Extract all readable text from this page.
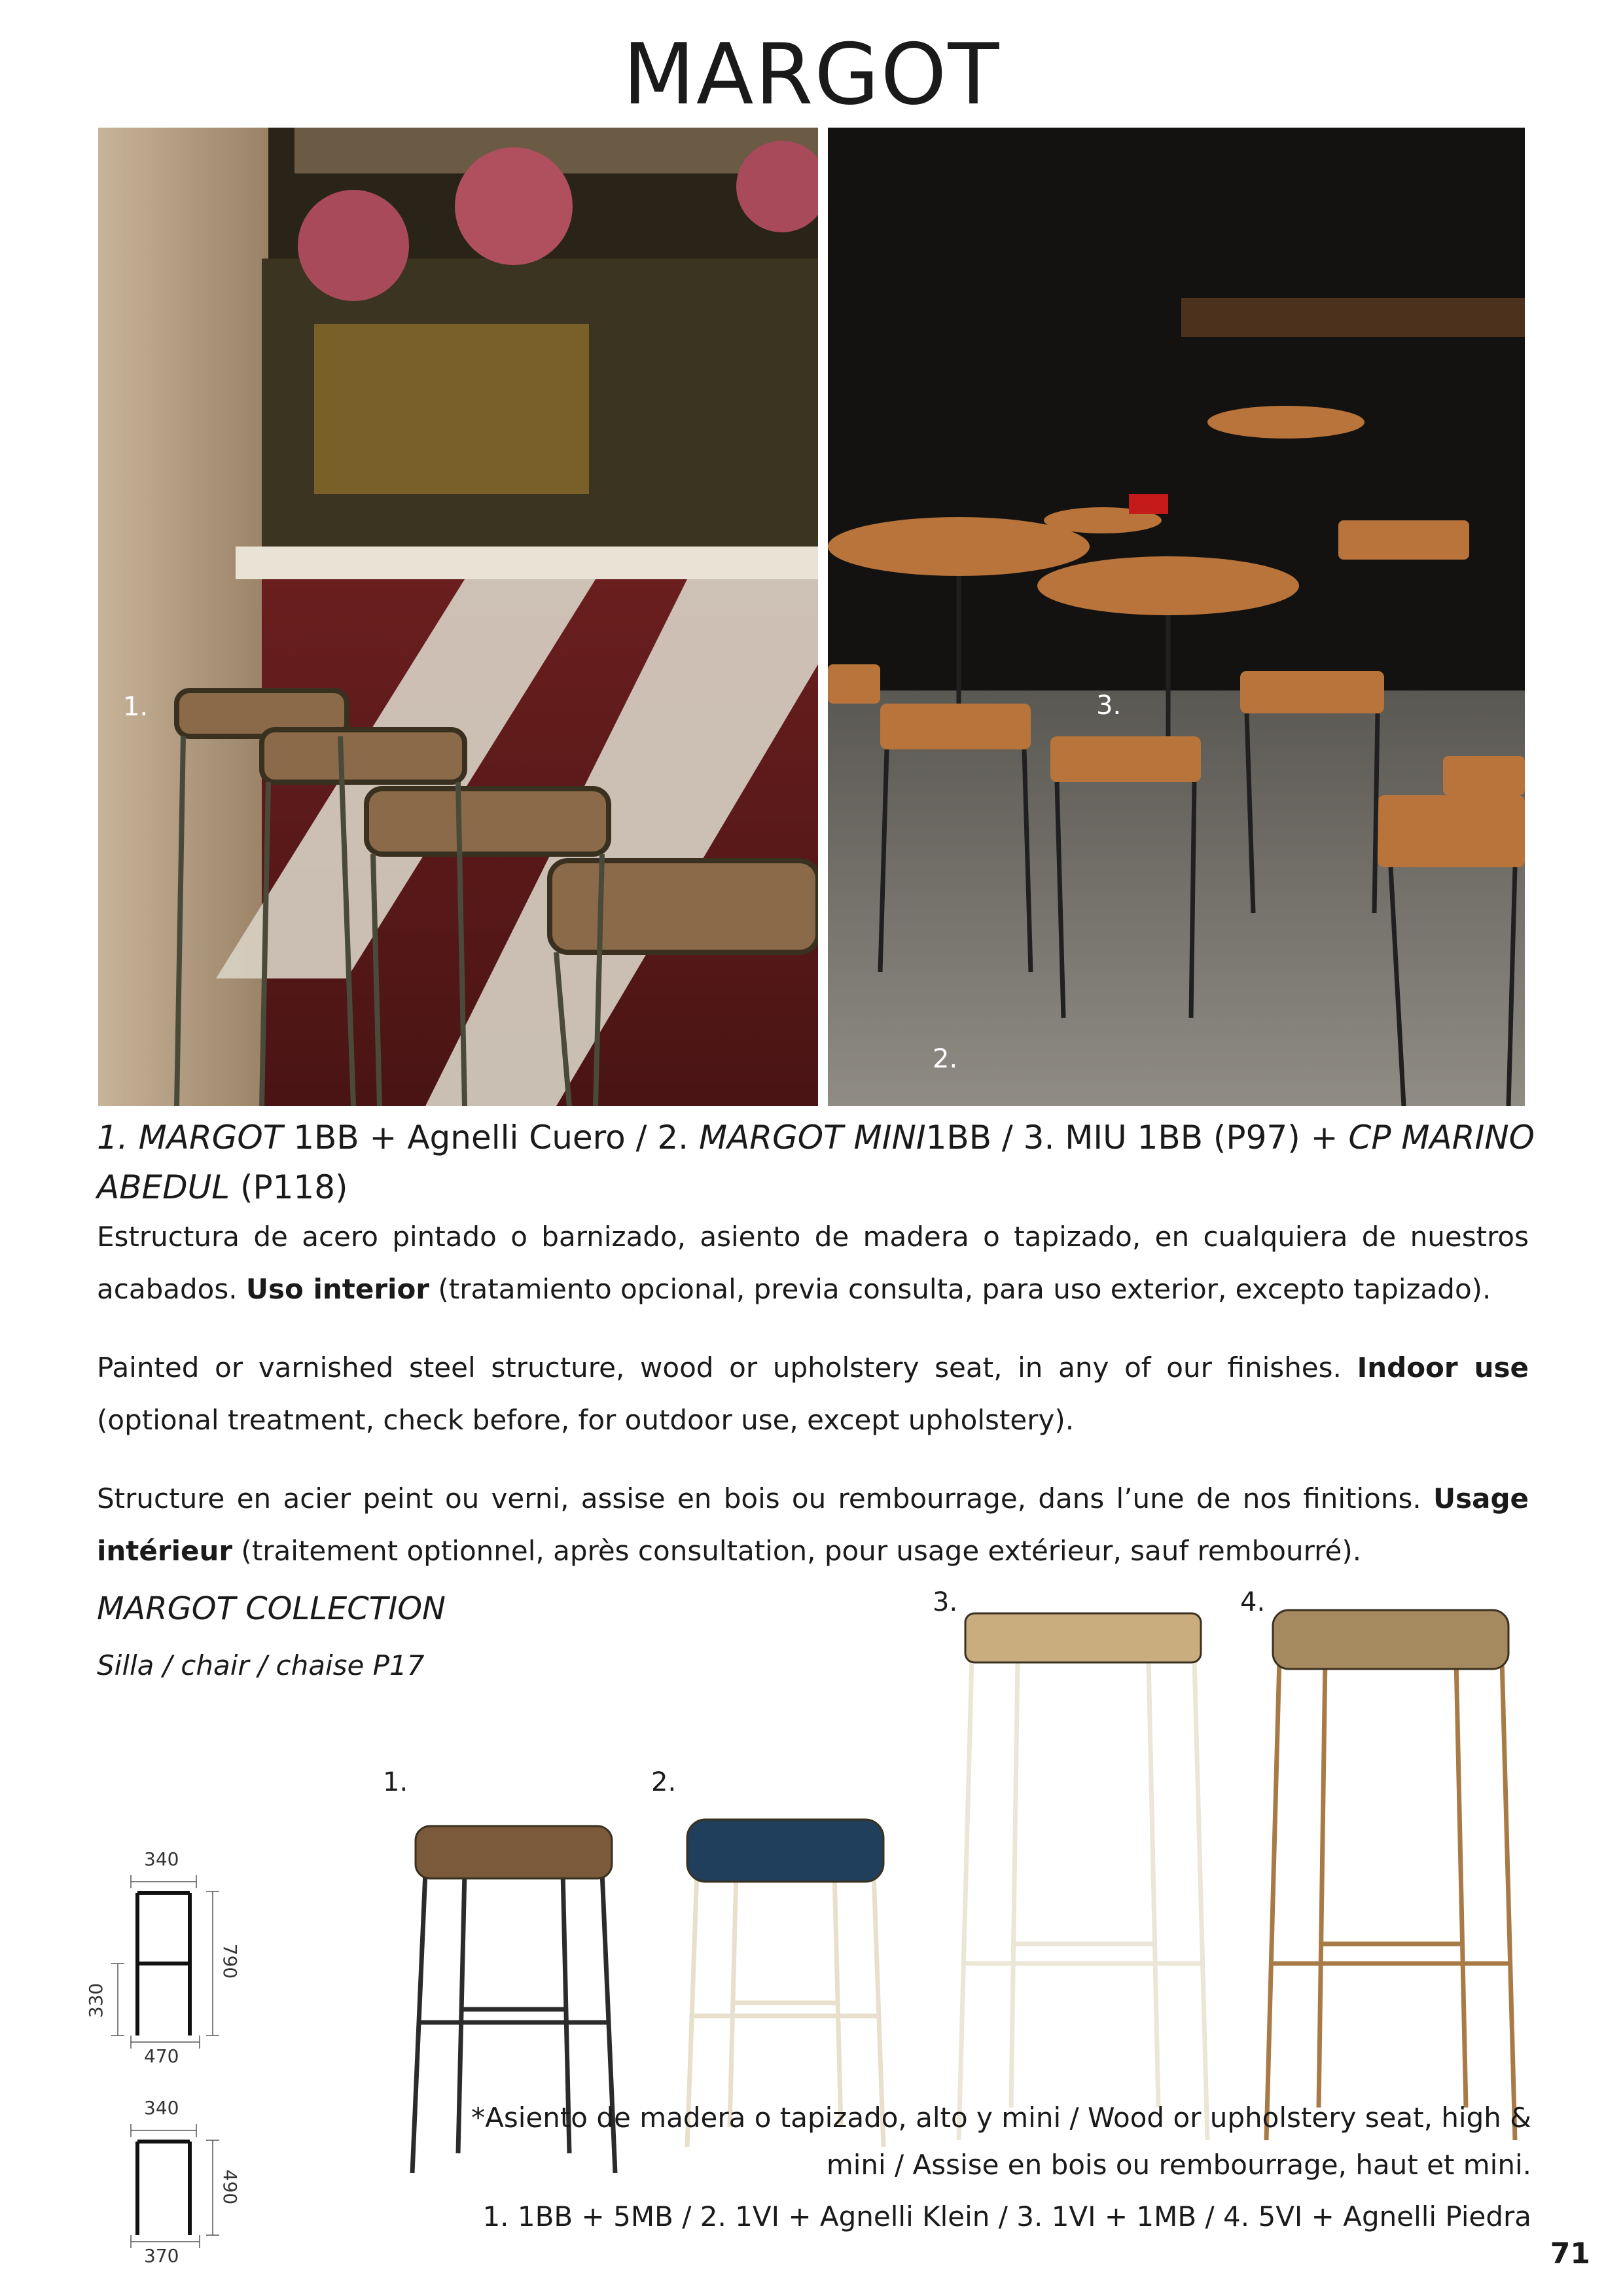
MARGOT
1.
2.
3.
1. MARGOT 1BB + Agnelli Cuero / 2. MARGOT MINI1BB / 3. MIU 1BB (P97) + CP MARINO ABEDUL (P118)
Estructura de acero pintado o barnizado, asiento de madera o tapizado, en cualquiera de nuestros acabados. Uso interior (tratamiento opcional, previa consulta, para uso exterior, excepto tapizado).
Painted or varnished steel structure, wood or upholstery seat, in any of our finishes. Indoor use (optional treatment, check before, for outdoor use, except upholstery).
Structure en acier peint ou verni, assise en bois ou rembourrage, dans l’une de nos finitions. Usage intérieur (traitement optionnel, après consultation, pour usage extérieur, sauf rembourré).
MARGOT COLLECTION
Silla / chair / chaise P17
340
790
330
470
340
490
370
1.	2.
3.	4.
*Asiento de madera o tapizado, alto y mini / Wood or upholstery seat, high & mini / Assise en bois ou rembourrage, haut et mini.
1. 1BB + 5MB / 2. 1VI + Agnelli Klein / 3. 1VI + 1MB / 4. 5VI + Agnelli Piedra
71
